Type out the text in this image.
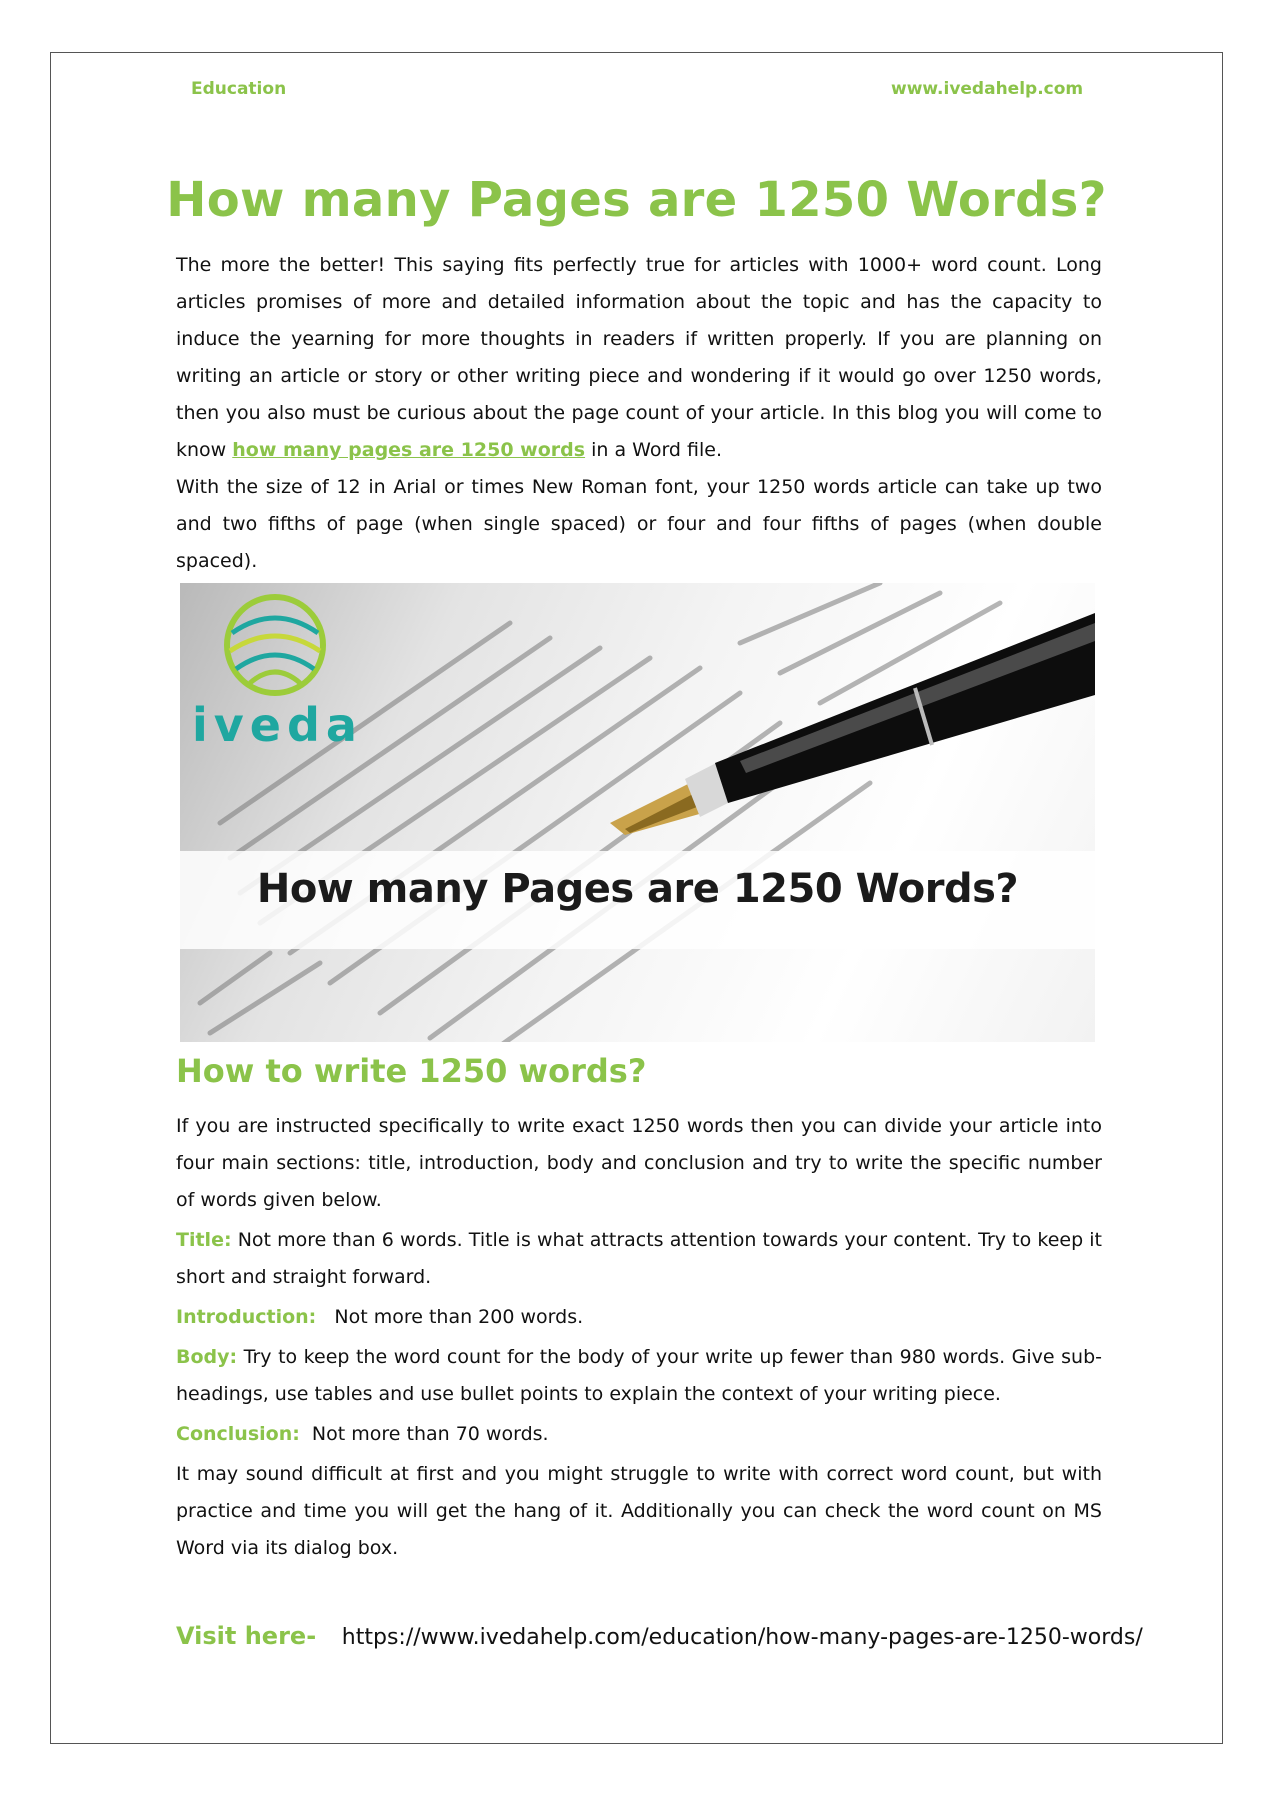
Education	www.ivedahelp.com
How many Pages are 1250 Words?

The more the better! This saying fits perfectly true for articles with 1000+ word count. Long articles promises of more and detailed information about the topic and has the capacity to induce the yearning for more thoughts in readers if written properly. If you are planning on writing an article or story or other writing piece and wondering if it would go over 1250 words, then you also must be curious about the page count of your article. In this blog you will come to know how many pages are 1250 words in a Word file.

With the size of 12 in Arial or times New Roman font, your 1250 words article can take up two and two fifths of page (when single spaced) or four and four fifths of pages (when double spaced).

iveda
How many Pages are 1250 Words?
How to write 1250 words?

If you are instructed specifically to write exact 1250 words then you can divide your article into four main sections: title, introduction, body and conclusion and try to write the specific number of words given below.

Title: Not more than 6 words. Title is what attracts attention towards your content. Try to keep it short and straight forward.

Introduction:   Not more than 200 words.

Body: Try to keep the word count for the body of your write up fewer than 980 words. Give sub-headings, use tables and use bullet points to explain the context of your writing piece.

Conclusion:  Not more than 70 words.

It may sound difficult at first and you might struggle to write with correct word count, but with practice and time you will get the hang of it. Additionally you can check the word count on MS Word via its dialog box.

Visit here- https://www.ivedahelp.com/education/how-many-pages-are-1250-words/
